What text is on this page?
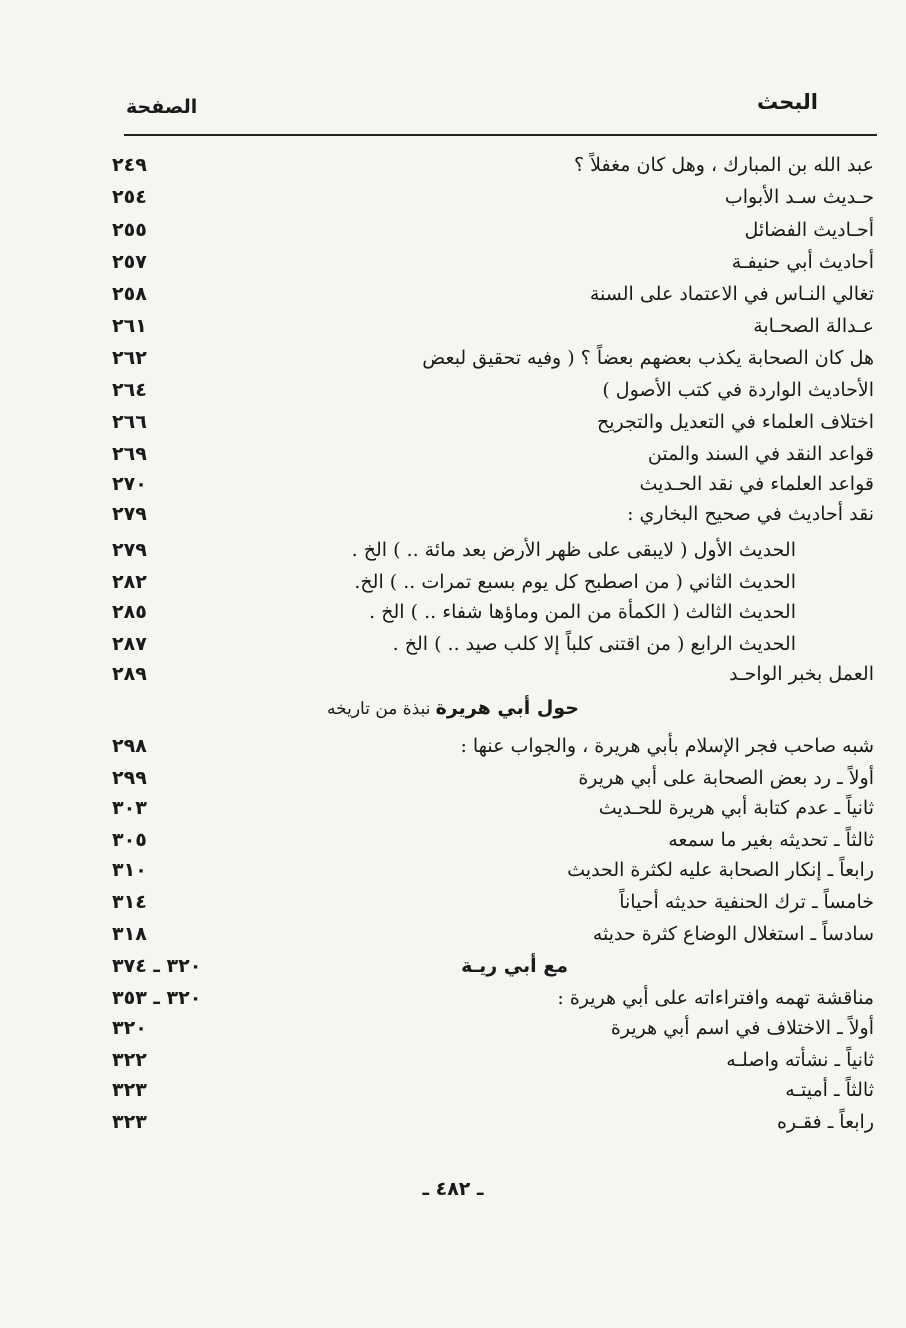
البحث
الصفحة
عبد الله بن المبارك ، وهل كان مغفلاً ؟
٢٤٩
حـديث سـد الأبواب
٢٥٤
أحـاديث الفضائل
٢٥٥
أحاديث أبي حنيفـة
٢٥٧
تغالي النـاس في الاعتماد على السنة
٢٥٨
عـدالة الصحـابة
٢٦١
هل كان الصحابة يكذب بعضهم بعضاً ؟ ( وفيه تحقيق لبعض
٢٦٢
الأحاديث الواردة في كتب الأصول )
٢٦٤
اختلاف العلماء في التعديل والتجريح
٢٦٦
قواعد النقد في السند والمتن
٢٦٩
قواعد العلماء في نقد الحـديث
٢٧٠
نقد أحاديث في صحيح البخاري :
٢٧٩
الحديث الأول ( لايبقى على ظهر الأرض بعد مائة .. ) الخ .
٢٧٩
الحديث الثاني ( من اصطبح كل يوم بسبع تمرات .. ) الخ.
٢٨٢
الحديث الثالث ( الكمأة من المن وماؤها شفاء .. ) الخ .
٢٨٥
الحديث الرابع ( من اقتنى كلباً إلا كلب صيد .. ) الخ .
٢٨٧
العمل بخبر الواحـد
٢٨٩
حول أبي هريرة نبذة من تاريخه
شبه صاحب فجر الإسلام بأبي هريرة ، والجواب عنها :
٢٩٨
أولاً ـ رد بعض الصحابة على أبي هريرة
٢٩٩
ثانياً ـ عدم كتابة أبي هريرة للحـديث
٣٠٣
ثالثاً ـ تحديثه بغير ما سمعه
٣٠٥
رابعاً ـ إنكار الصحابة عليه لكثرة الحديث
٣١٠
خامساً ـ ترك الحنفية حديثه أحياناً
٣١٤
سادساً ـ استغلال الوضاع كثرة حديثه
٣١٨
مع أبي ريـة
٣٢٠ ـ ٣٧٤
مناقشة تهمه وافتراءاته على أبي هريرة :
٣٢٠ ـ ٣٥٣
أولاً ـ الاختلاف في اسم أبي هريرة
٣٢٠
ثانياً ـ نشأته واصلـه
٣٢٢
ثالثاً ـ أميتـه
٣٢٣
رابعاً ـ فقـره
٣٢٣
ـ ٤٨٢ ـ
